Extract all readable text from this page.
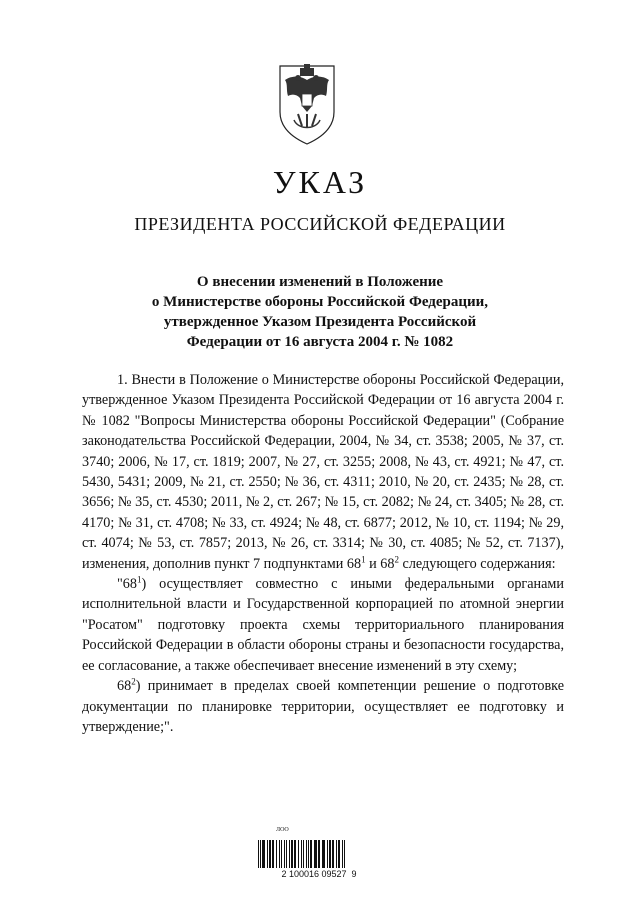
УКАЗ
ПРЕЗИДЕНТА РОССИЙСКОЙ ФЕДЕРАЦИИ
О внесении изменений в Положение
о Министерстве обороны Российской Федерации,
утвержденное Указом Президента Российской
Федерации от 16 августа 2004 г. № 1082

1. Внести в Положение о Министерстве обороны Российской Федерации, утвержденное Указом Президента Российской Федерации от 16 августа 2004 г. № 1082 "Вопросы Министерства обороны Российской Федерации" (Собрание законодательства Российской Федерации, 2004, № 34, ст. 3538; 2005, № 37, ст. 3740; 2006, № 17, ст. 1819; 2007, № 27, ст. 3255; 2008, № 43, ст. 4921; № 47, ст. 5430, 5431; 2009, № 21, ст. 2550; № 36, ст. 4311; 2010, № 20, ст. 2435; № 28, ст. 3656; № 35, ст. 4530; 2011, № 2, ст. 267; № 15, ст. 2082; № 24, ст. 3405; № 28, ст. 4170; № 31, ст. 4708; № 33, ст. 4924; № 48, ст. 6877; 2012, № 10, ст. 1194; № 29, ст. 4074; № 53, ст. 7857; 2013, № 26, ст. 3314; № 30, ст. 4085; № 52, ст. 7137), изменения, дополнив пункт 7 подпунктами $68^1$ и $68^2$ следующего содержания:

"$68^1$) осуществляет совместно с иными федеральными органами исполнительной власти и Государственной корпорацией по атомной энергии "Росатом" подготовку проекта схемы территориального планирования Российской Федерации в области обороны страны и безопасности государства, ее согласование, а также обеспечивает внесение изменений в эту схему;

$68^2$) принимает в пределах своей компетенции решение о подготовке документации по планировке территории, осуществляет ее подготовку и утверждение;".

ЛОО
2 100016 09527  9
